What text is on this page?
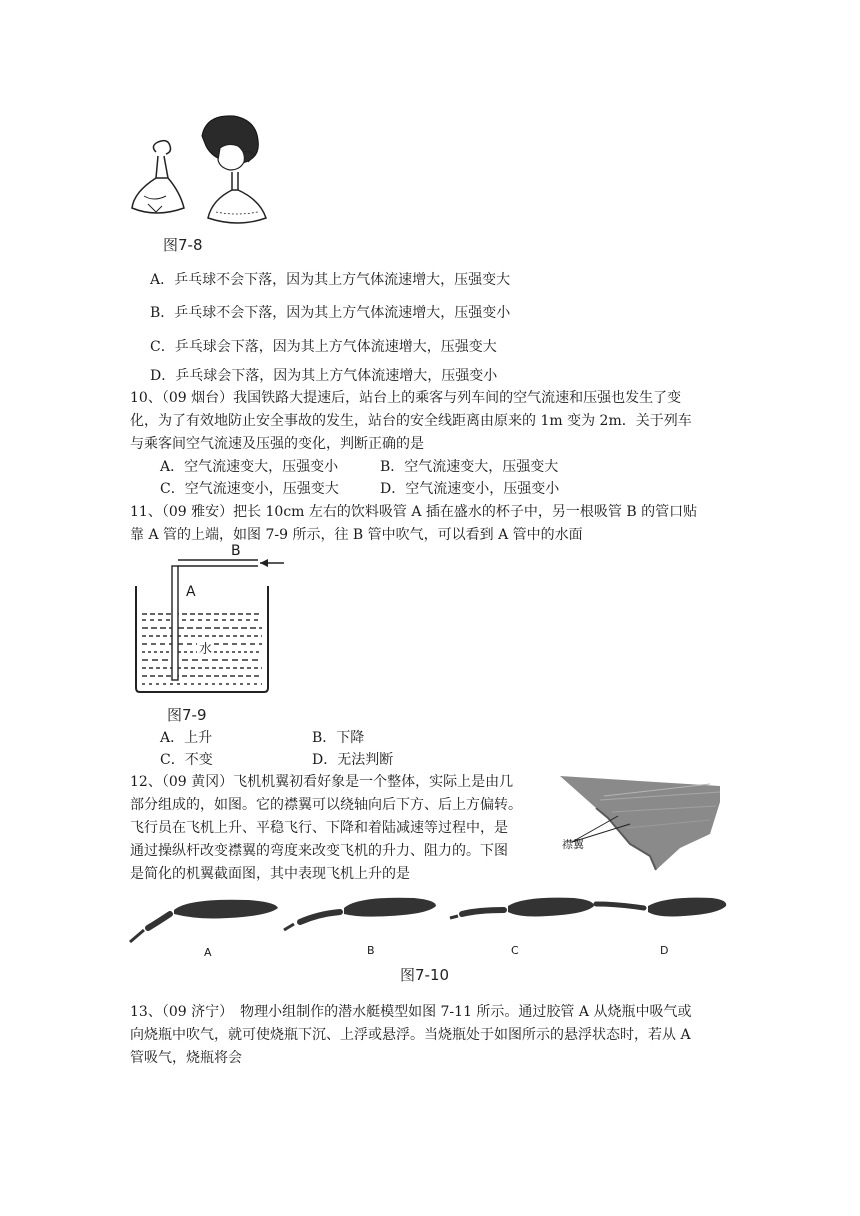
图7-8
A．乒乓球不会下落，因为其上方气体流速增大，压强变大
B．乒乓球不会下落，因为其上方气体流速增大，压强变小
C．乒乓球会下落，因为其上方气体流速增大，压强变大
D．乒乓球会下落，因为其上方气体流速增大，压强变小
10、（09 烟台）我国铁路大提速后，站台上的乘客与列车间的空气流速和压强也发生了变
化，为了有效地防止安全事故的发生，站台的安全线距离由原来的 1m 变为 2m．关于列车
与乘客间空气流速及压强的变化，判断正确的是
A．空气流速变大，压强变小	B．空气流速变大，压强变大
C．空气流速变小，压强变大	D．空气流速变小，压强变小
11、（09 雅安）把长 10cm 左右的饮料吸管 A 插在盛水的杯子中，另一根吸管 B 的管口贴
靠 A 管的上端，如图 7-9 所示，往 B 管中吹气，可以看到 A 管中的水面
B
A
水
图7-9
A．上升	B．下降
C．不变	D．无法判断
12、（09 黄冈）飞机机翼初看好象是一个整体，实际上是由几
部分组成的，如图。它的襟翼可以绕轴向后下方、后上方偏转。
飞行员在飞机上升、平稳飞行、下降和着陆减速等过程中，是
通过操纵杆改变襟翼的弯度来改变飞机的升力、阻力的。下图
是简化的机翼截面图，其中表现飞机上升的是
襟翼
A	B	C	D
图7-10
13、（09 济宁）　物理小组制作的潜水艇模型如图 7-11 所示。通过胶管 A 从烧瓶中吸气或
向烧瓶中吹气，就可使烧瓶下沉、上浮或悬浮。当烧瓶处于如图所示的悬浮状态时，若从 A
管吸气，烧瓶将会
